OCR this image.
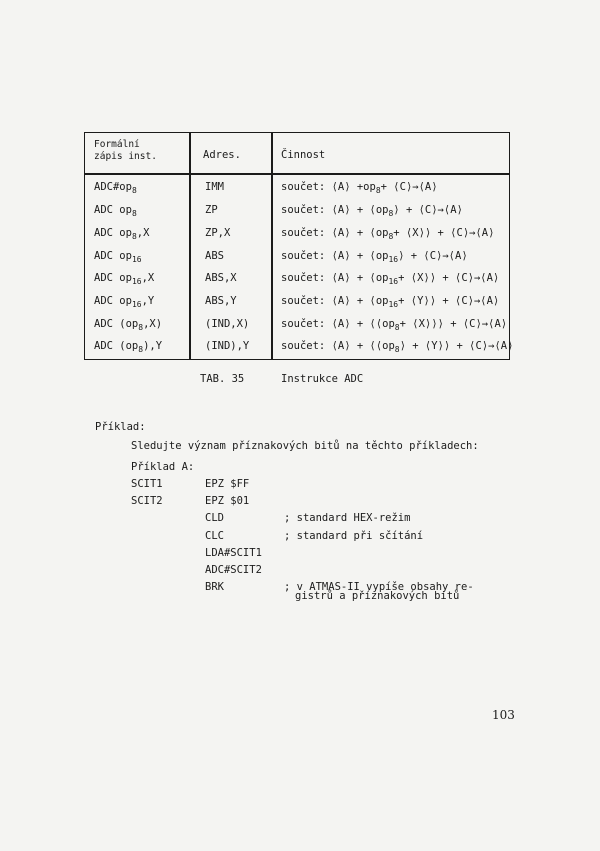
Formální
zápis inst.	Adres.	Činnost
$ADC\#op_8$	IMM	součet: ⟨A⟩ $+op_8+$ ⟨C⟩→⟨A⟩
ADC $op_8$	ZP	součet: ⟨A⟩ + $⟨op_8⟩$ + ⟨C⟩→⟨A⟩
ADC $op_8,X$	ZP,X	součet: ⟨A⟩ + $⟨op_8+$ ⟨X⟩⟩ + ⟨C⟩→⟨A⟩
ADC $op_{16}$	ABS	součet: ⟨A⟩ + $⟨op_{16}⟩$ + ⟨C⟩→⟨A⟩
ADC $op_{16},X$	ABS,X	součet: ⟨A⟩ + $⟨op_{16}+$ ⟨X⟩⟩ + ⟨C⟩→⟨A⟩
ADC $op_{16},Y$	ABS,Y	součet: ⟨A⟩ + $⟨op_{16}+$ ⟨Y⟩⟩ + ⟨C⟩→⟨A⟩
ADC $(op_8,X)$	(IND,X)	součet: ⟨A⟩ + $⟨⟨op_8+$ ⟨X⟩⟩⟩ + ⟨C⟩→⟨A⟩
ADC $(op_8),Y$	(IND),Y	součet: ⟨A⟩ + $⟨⟨op_8⟩$ + ⟨Y⟩⟩ + ⟨C⟩→⟨A⟩
TAB. 35	Instrukce ADC
Příklad:
Sledujte význam příznakových bitů na těchto příkladech:
Příklad A:
SCIT1	EPZ $FF
SCIT2	EPZ $01
CLD	; standard HEX-režim
CLC	; standard při sčítání
LDA#SCIT1
ADC#SCIT2
BRK	; v ATMAS-II vypíše obsahy re-
gistrů a příznakových bitů
103
